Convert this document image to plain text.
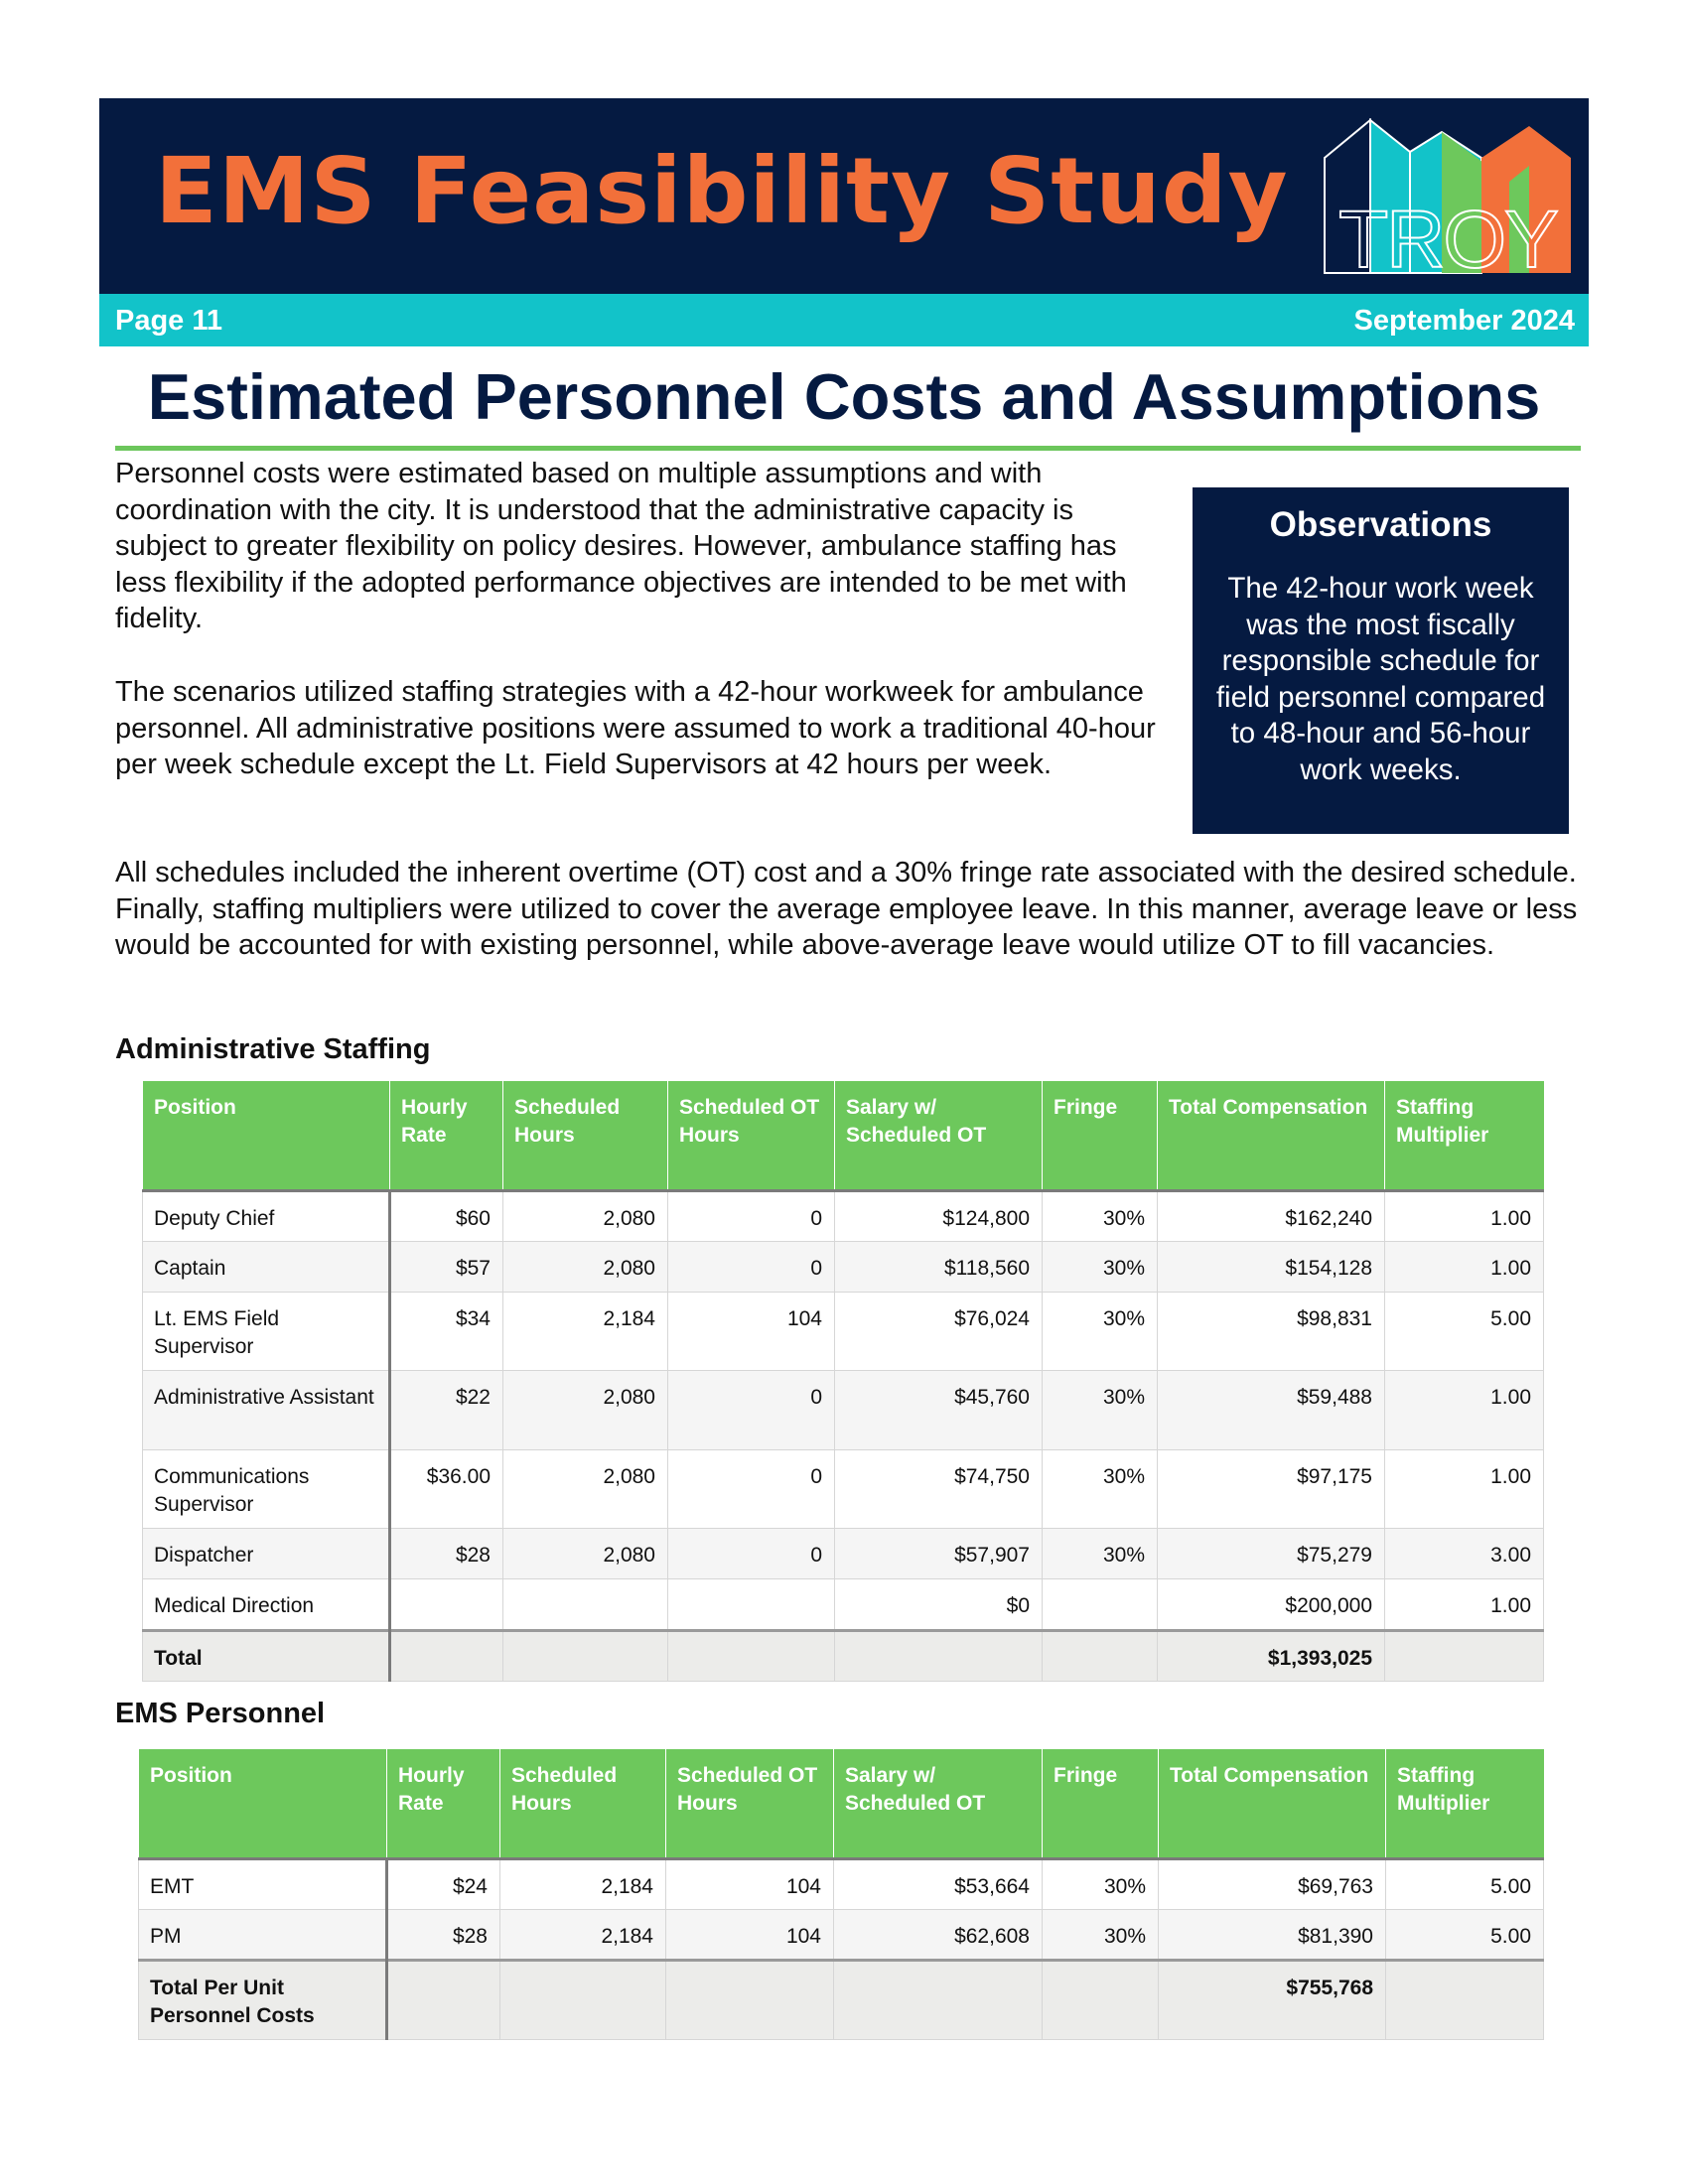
EMS Feasibility Study TROY
Page 11	September 2024
Estimated Personnel Costs and Assumptions

Personnel costs were estimated based on multiple assumptions and with coordination with the city. It is understood that the administrative capacity is subject to greater flexibility on policy desires. However, ambulance staffing has less flexibility if the adopted performance objectives are intended to be met with fidelity.

The scenarios utilized staffing strategies with a 42-hour workweek for ambulance personnel. All administrative positions were assumed to work a traditional 40-hour per week schedule except the Lt. Field Supervisors at 42 hours per week.

All schedules included the inherent overtime (OT) cost and a 30% fringe rate associated with the desired schedule. Finally, staffing multipliers were utilized to cover the average employee leave. In this manner, average leave or less would be accounted for with existing personnel, while above-average leave would utilize OT to fill vacancies.

Observations

The 42-hour work week was the most fiscally responsible schedule for field personnel compared to 48-hour and 56-hour work weeks.

Administrative Staffing
Position	Hourly Rate	Scheduled Hours	Scheduled OT Hours	Salary w/ Scheduled OT	Fringe	Total Compensation	Staffing Multiplier
Deputy Chief	$60	2,080	0	$124,800	30%	$162,240	1.00
Captain	$57	2,080	0	$118,560	30%	$154,128	1.00
Lt. EMS Field Supervisor	$34	2,184	104	$76,024	30%	$98,831	5.00
Administrative Assistant	$22	2,080	0	$45,760	30%	$59,488	1.00
Communications Supervisor	$36.00	2,080	0	$74,750	30%	$97,175	1.00
Dispatcher	$28	2,080	0	$57,907	30%	$75,279	3.00
Medical Direction				$0		$200,000	1.00
Total						$1,393,025	
EMS Personnel
Position	Hourly Rate	Scheduled Hours	Scheduled OT Hours	Salary w/ Scheduled OT	Fringe	Total Compensation	Staffing Multiplier
EMT	$24	2,184	104	$53,664	30%	$69,763	5.00
PM	$28	2,184	104	$62,608	30%	$81,390	5.00
Total Per Unit Personnel Costs						$755,768	
